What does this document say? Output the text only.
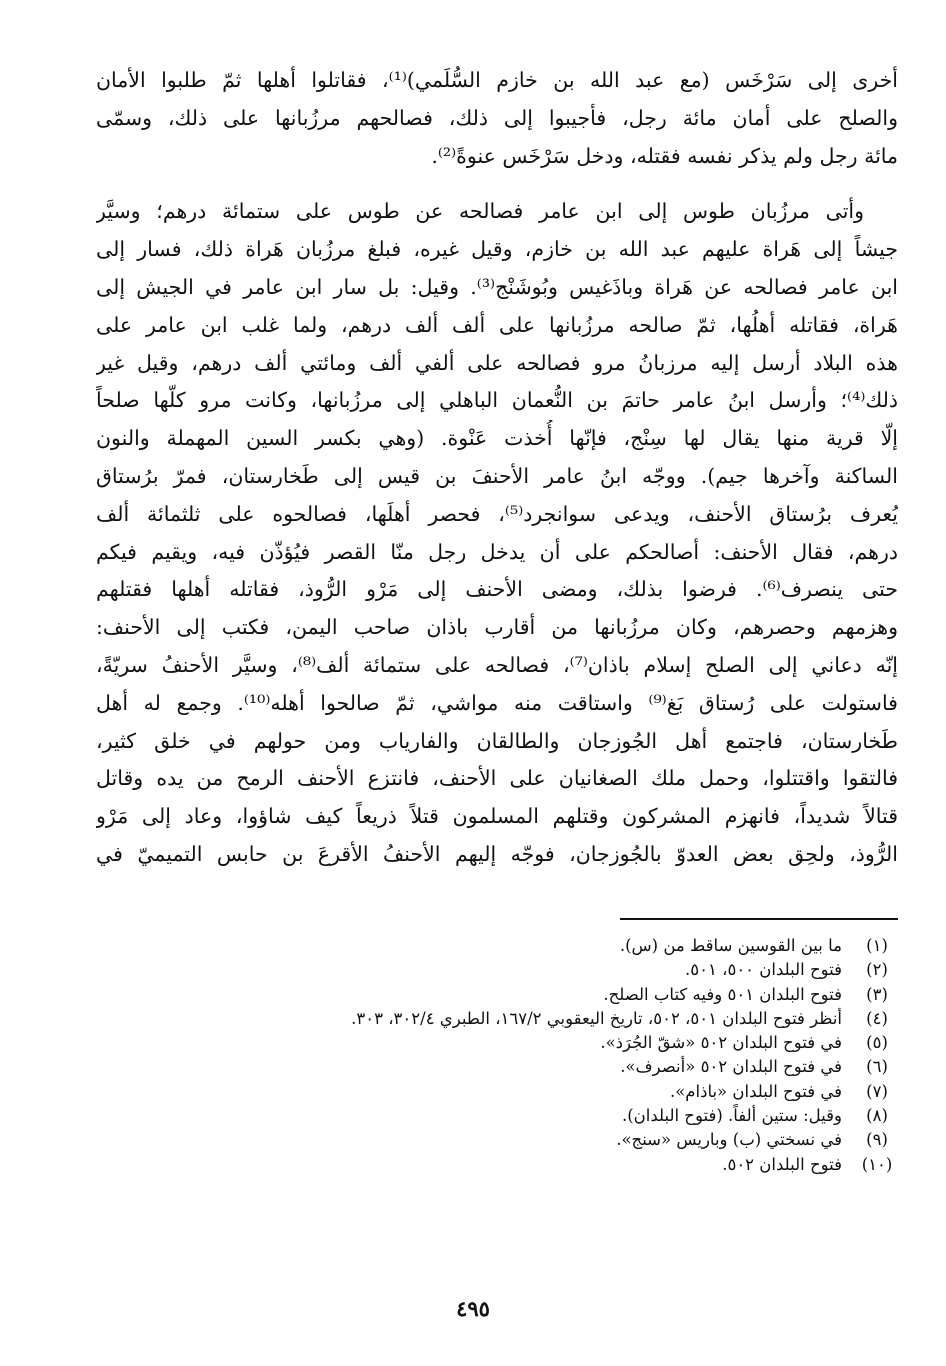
أخرى إلى سَرْخَس (مع عبد الله بن خازم السُّلَمي)⁽¹⁾، فقاتلوا أهلها ثمّ طلبوا الأمان
والصلح على أمان مائة رجل، فأجيبوا إلى ذلك، فصالحهم مرزُبانها على ذلك، وسمّى
مائة رجل ولم يذكر نفسه فقتله، ودخل سَرْخَس عنوةً⁽²⁾.
وأتى مرزُبان طوس إلى ابن عامر فصالحه عن طوس على ستمائة درهم؛ وسيَّر
جيشاً إلى هَراة عليهم عبد الله بن خازم، وقيل غيره، فبلغ مرزُبان هَراة ذلك، فسار إلى
ابن عامر فصالحه عن هَراة وباذَغيس وبُوشَنْج⁽³⁾. وقيل: بل سار ابن عامر في الجيش إلى
هَراة، فقاتله أهلُها، ثمّ صالحه مرزُبانها على ألف ألف درهم، ولما غلب ابن عامر على
هذه البلاد أرسل إليه مرزبانُ مرو فصالحه على ألفي ألف ومائتي ألف درهم، وقيل غير
ذلك⁽⁴⁾؛ وأرسل ابنُ عامر حاتمَ بن النُّعمان الباهلي إلى مرزُبانها، وكانت مرو كلّها صلحاً
إلّا قرية منها يقال لها سِنْج، فإنّها أُخذت عَنْوة. (وهي بكسر السين المهملة والنون
الساكنة وآخرها جيم). ووجّه ابنُ عامر الأحنفَ بن قيس إلى طَخارستان، فمرّ برُستاق
يُعرف برُستاق الأحنف، ويدعى سوانجرد⁽⁵⁾، فحصر أهلَها، فصالحوه على ثلثمائة ألف
درهم، فقال الأحنف: أصالحكم على أن يدخل رجل منّا القصر فيُؤذّن فيه، ويقيم فيكم
حتى ينصرف⁽⁶⁾. فرضوا بذلك، ومضى الأحنف إلى مَرْو الرُّوذ، فقاتله أهلها فقتلهم
وهزمهم وحصرهم، وكان مرزُبانها من أقارب باذان صاحب اليمن، فكتب إلى الأحنف:
إنّه دعاني إلى الصلح إسلام باذان⁽⁷⁾، فصالحه على ستمائة ألف⁽⁸⁾، وسيَّر الأحنفُ سريّةً،
فاستولت على رُستاق بَغ⁽⁹⁾ واستاقت منه مواشي، ثمّ صالحوا أهله⁽¹⁰⁾. وجمع له أهل
طَخارستان، فاجتمع أهل الجُوزجان والطالقان والفارياب ومن حولهم في خلق كثير،
فالتقوا واقتتلوا، وحمل ملك الصغانيان على الأحنف، فانتزع الأحنف الرمح من يده وقاتل
قتالاً شديداً، فانهزم المشركون وقتلهم المسلمون قتلاً ذريعاً كيف شاؤوا، وعاد إلى مَرْو
الرُّوذ، ولحِق بعض العدوّ بالجُوزجان، فوجّه إليهم الأحنفُ الأقرعَ بن حابس التميميّ في
(١)
ما بين القوسين ساقط من (س).
(٢)
فتوح البلدان ٥٠٠، ٥٠١.
(٣)
فتوح البلدان ٥٠١ وفيه كتاب الصلح.
(٤)
أنظر فتوح البلدان ٥٠١، ٥٠٢، تاريخ اليعقوبي ١٦٧/٢، الطبري ٣٠٢/٤، ٣٠٣.
(٥)
في فتوح البلدان ٥٠٢ «شقّ الجُرَذ».
(٦)
في فتوح البلدان ٥٠٢ «أنصرف».
(٧)
في فتوح البلدان «باذام».
(٨)
وقيل: ستين ألفاً. (فتوح البلدان).
(٩)
في نسختي (ب) وباريس «سنج».
(١٠)
فتوح البلدان ٥٠٢.
٤٩٥
